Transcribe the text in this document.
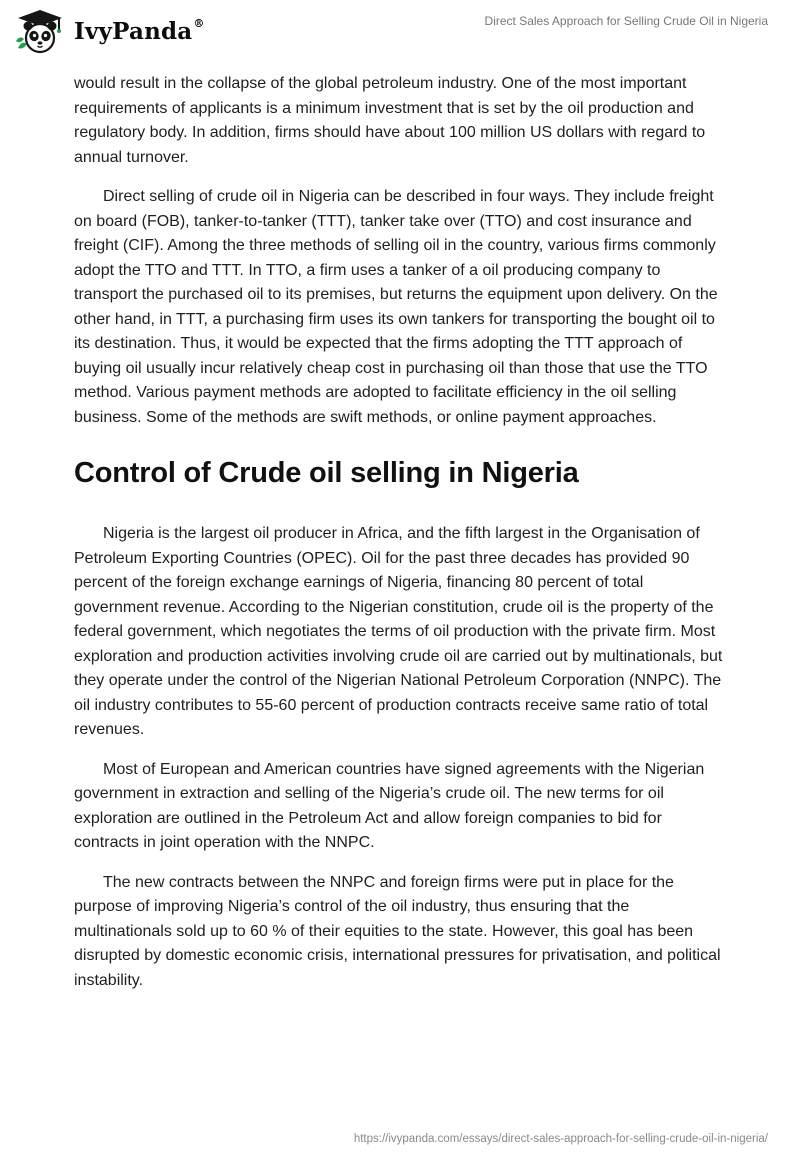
IvyPanda®	Direct Sales Approach for Selling Crude Oil in Nigeria

would result in the collapse of the global petroleum industry. One of the most important requirements of applicants is a minimum investment that is set by the oil production and regulatory body. In addition, firms should have about 100 million US dollars with regard to annual turnover.

Direct selling of crude oil in Nigeria can be described in four ways. They include freight on board (FOB), tanker-to-tanker (TTT), tanker take over (TTO) and cost insurance and freight (CIF). Among the three methods of selling oil in the country, various firms commonly adopt the TTO and TTT. In TTO, a firm uses a tanker of a oil producing company to transport the purchased oil to its premises, but returns the equipment upon delivery. On the other hand, in TTT, a purchasing firm uses its own tankers for transporting the bought oil to its destination. Thus, it would be expected that the firms adopting the TTT approach of buying oil usually incur relatively cheap cost in purchasing oil than those that use the TTO method. Various payment methods are adopted to facilitate efficiency in the oil selling business. Some of the methods are swift methods, or online payment approaches.

Control of Crude oil selling in Nigeria

Nigeria is the largest oil producer in Africa, and the fifth largest in the Organisation of Petroleum Exporting Countries (OPEC). Oil for the past three decades has provided 90 percent of the foreign exchange earnings of Nigeria, financing 80 percent of total government revenue. According to the Nigerian constitution, crude oil is the property of the federal government, which negotiates the terms of oil production with the private firm. Most exploration and production activities involving crude oil are carried out by multinationals, but they operate under the control of the Nigerian National Petroleum Corporation (NNPC). The oil industry contributes to 55-60 percent of production contracts receive same ratio of total revenues.

Most of European and American countries have signed agreements with the Nigerian government in extraction and selling of the Nigeria’s crude oil. The new terms for oil exploration are outlined in the Petroleum Act and allow foreign companies to bid for contracts in joint operation with the NNPC.

The new contracts between the NNPC and foreign firms were put in place for the purpose of improving Nigeria’s control of the oil industry, thus ensuring that the multinationals sold up to 60 % of their equities to the state. However, this goal has been disrupted by domestic economic crisis, international pressures for privatisation, and political instability.

https://ivypanda.com/essays/direct-sales-approach-for-selling-crude-oil-in-nigeria/
